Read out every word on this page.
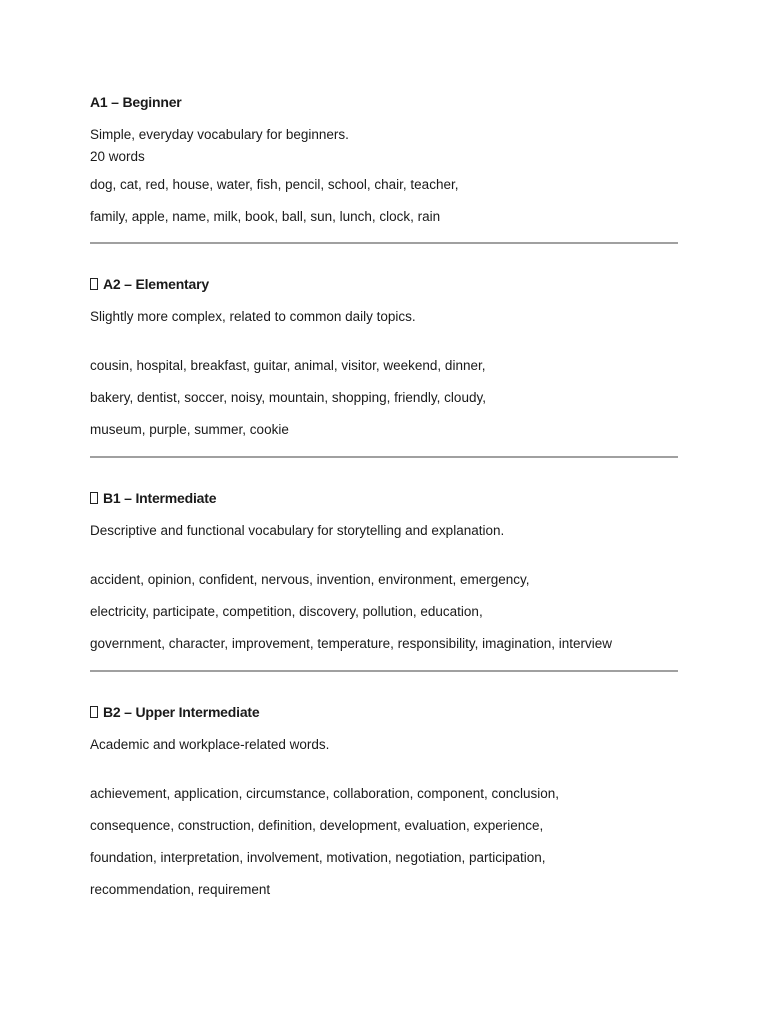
A1 – Beginner
Simple, everyday vocabulary for beginners.
20 words
dog, cat, red, house, water, fish, pencil, school, chair, teacher,
family, apple, name, milk, book, ball, sun, lunch, clock, rain
A2 – Elementary
Slightly more complex, related to common daily topics.
cousin, hospital, breakfast, guitar, animal, visitor, weekend, dinner,
bakery, dentist, soccer, noisy, mountain, shopping, friendly, cloudy,
museum, purple, summer, cookie
B1 – Intermediate
Descriptive and functional vocabulary for storytelling and explanation.
accident, opinion, confident, nervous, invention, environment, emergency,
electricity, participate, competition, discovery, pollution, education,
government, character, improvement, temperature, responsibility, imagination, interview
B2 – Upper Intermediate
Academic and workplace-related words.
achievement, application, circumstance, collaboration, component, conclusion,
consequence, construction, definition, development, evaluation, experience,
foundation, interpretation, involvement, motivation, negotiation, participation,
recommendation, requirement
